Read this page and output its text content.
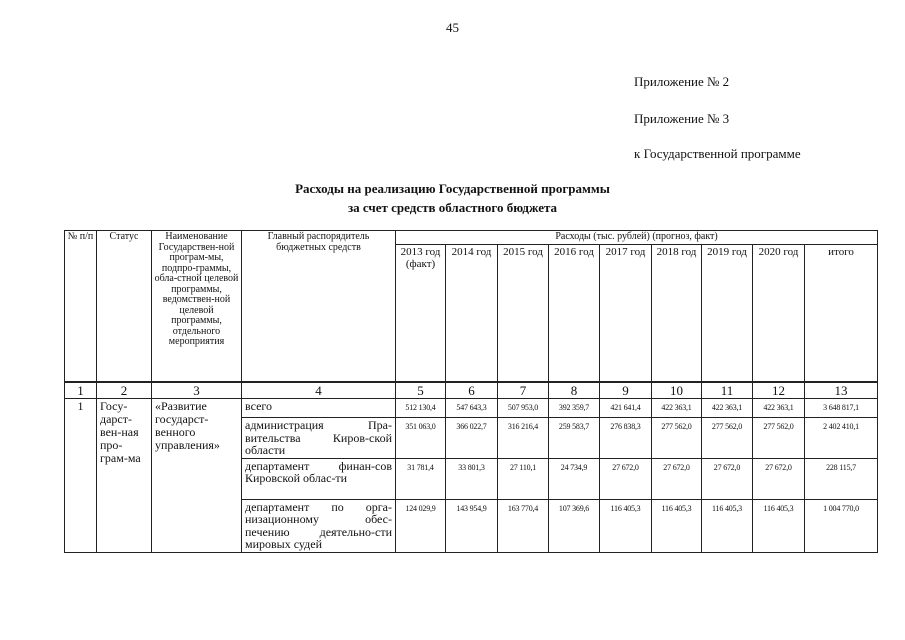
45
Приложение № 2
Приложение № 3
к Государственной программе
Расходы на реализацию Государственной программы
за счет средств областного бюджета
№ п/п	Статус	Наименование Государствен-ной програм-мы, подпро-граммы, обла-стной целевой программы, ведомствен-ной целевой программы, отдельного мероприятия	Главный распорядитель бюджетных средств	Расходы (тыс. рублей) (прогноз, факт)								
				2013 год (факт)	2014 год	2015 год	2016 год	2017 год	2018 год	2019 год	2020 год	итого
1	2	3	4	5	6	7	8	9	10	11	12	13
1	Госу-дарст-вен-ная про-грам-ма	«Развитие государст-венного управления»	всего	512 130,4	547 643,3	507 953,0	392 359,7	421 641,4	422 363,1	422 363,1	422 363,1	3 648 817,1
			администрация Пра-вительства Киров-ской области	351 063,0	366 022,7	316 216,4	259 583,7	276 838,3	277 562,0	277 562,0	277 562,0	2 402 410,1
			департамент финан-сов Кировской облас-ти	31 781,4	33 801,3	27 110,1	24 734,9	27 672,0	27 672,0	27 672,0	27 672,0	228 115,7
			департамент по орга-низационному обес-печению деятельно-сти мировых судей	124 029,9	143 954,9	163 770,4	107 369,6	116 405,3	116 405,3	116 405,3	116 405,3	1 004 770,0
